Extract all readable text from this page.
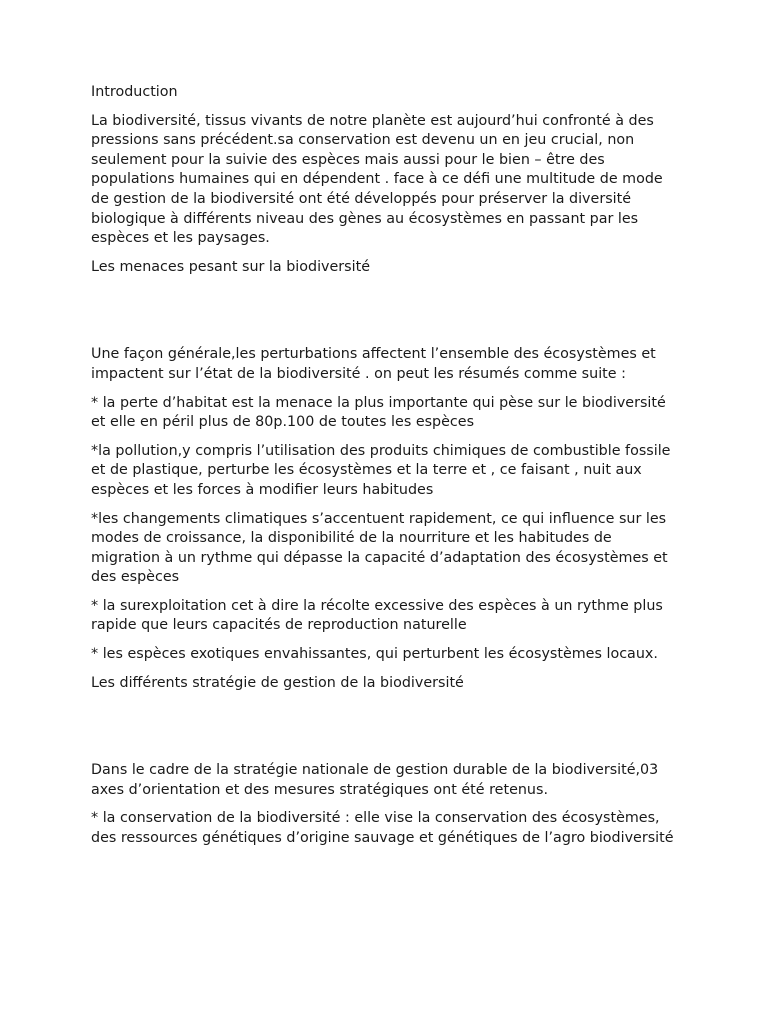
Introduction

La biodiversité, tissus vivants de notre planète est aujourd’hui confronté à des pressions sans précédent.sa conservation est devenu un en jeu crucial, non seulement pour la suivie des espèces mais aussi pour le bien – être des populations humaines qui en dépendent . face à ce défi une multitude de mode de gestion de la biodiversité ont été développés pour préserver la diversité biologique à différents niveau des gènes au écosystèmes en passant par les espèces et les paysages.

Les menaces pesant sur la biodiversité

Une façon générale,les perturbations affectent l’ensemble des écosystèmes et impactent sur l’état de la biodiversité . on peut les résumés comme suite :

* la perte d’habitat est la menace la plus importante qui pèse sur le biodiversité et elle en péril plus de 80p.100 de toutes les espèces

*la pollution,y compris l’utilisation des produits chimiques de combustible fossile et de plastique, perturbe les écosystèmes et la terre et , ce faisant , nuit aux espèces et les forces à modifier leurs habitudes

*les changements climatiques s’accentuent rapidement, ce qui influence sur les modes de croissance, la disponibilité de la nourriture et les habitudes de migration à un rythme qui dépasse la capacité d’adaptation des écosystèmes et des espèces

* la surexploitation cet à dire la récolte excessive des espèces à un rythme plus rapide que leurs capacités de reproduction naturelle

* les espèces exotiques envahissantes, qui perturbent les écosystèmes locaux.

Les différents stratégie de gestion de la biodiversité

Dans le cadre de la stratégie nationale de gestion durable de la biodiversité,03 axes d’orientation et des mesures stratégiques ont été retenus.

* la conservation de la biodiversité : elle vise la conservation des écosystèmes, des ressources génétiques d’origine sauvage et génétiques de l’agro biodiversité
